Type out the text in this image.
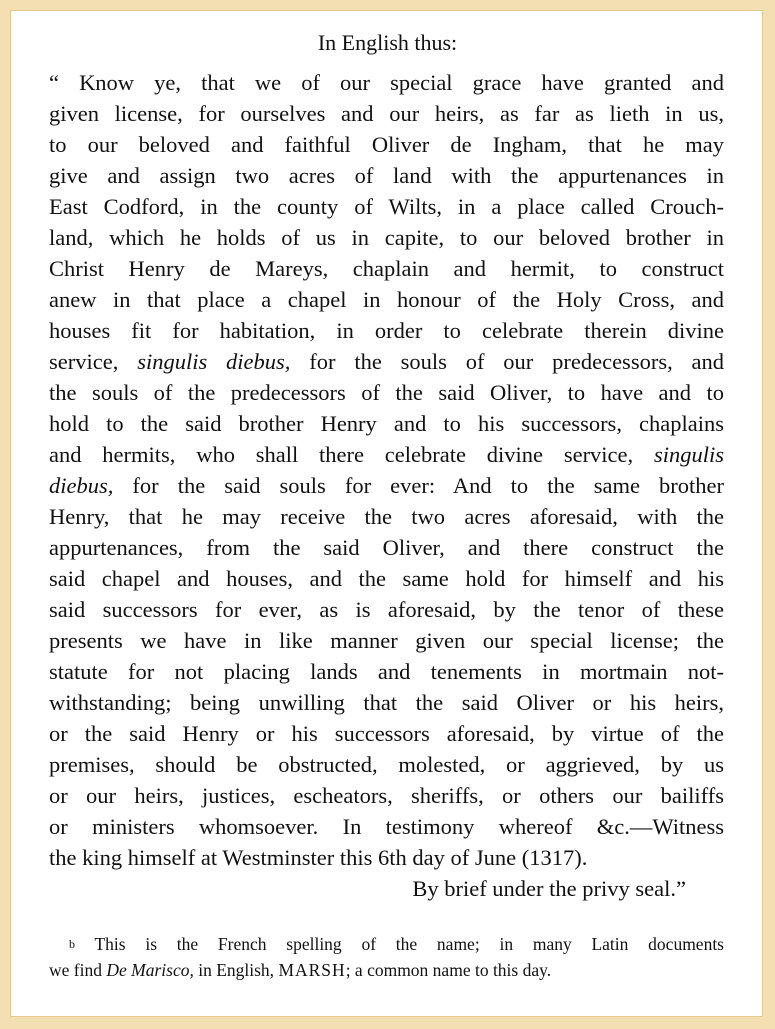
In English thus:
“ Know ye, that we of our special grace have granted and
given license, for ourselves and our heirs, as far as lieth in us,
to our beloved and faithful Oliver de Ingham, that he may
give and assign two acres of land with the appurtenances in
East Codford, in the county of Wilts, in a place called Crouch-
land, which he holds of us in capite, to our beloved brother in
Christ Henry de Mareys, chaplain and hermit, to construct
anew in that place a chapel in honour of the Holy Cross, and
houses fit for habitation, in order to celebrate therein divine
service, singulis diebus, for the souls of our predecessors, and
the souls of the predecessors of the said Oliver, to have and to
hold to the said brother Henry and to his successors, chaplains
and hermits, who shall there celebrate divine service, singulis
diebus, for the said souls for ever: And to the same brother
Henry, that he may receive the two acres aforesaid, with the
appurtenances, from the said Oliver, and there construct the
said chapel and houses, and the same hold for himself and his
said successors for ever, as is aforesaid, by the tenor of these
presents we have in like manner given our special license; the
statute for not placing lands and tenements in mortmain not-
withstanding; being unwilling that the said Oliver or his heirs,
or the said Henry or his successors aforesaid, by virtue of the
premises, should be obstructed, molested, or aggrieved, by us
or our heirs, justices, escheators, sheriffs, or others our bailiffs
or ministers whomsoever. In testimony whereof &c.—Witness
the king himself at Westminster this 6th day of June (1317).
By brief under the privy seal.”
b This is the French spelling of the name; in many Latin documents
we find De Marisco, in English, MARSH; a common name to this day.
